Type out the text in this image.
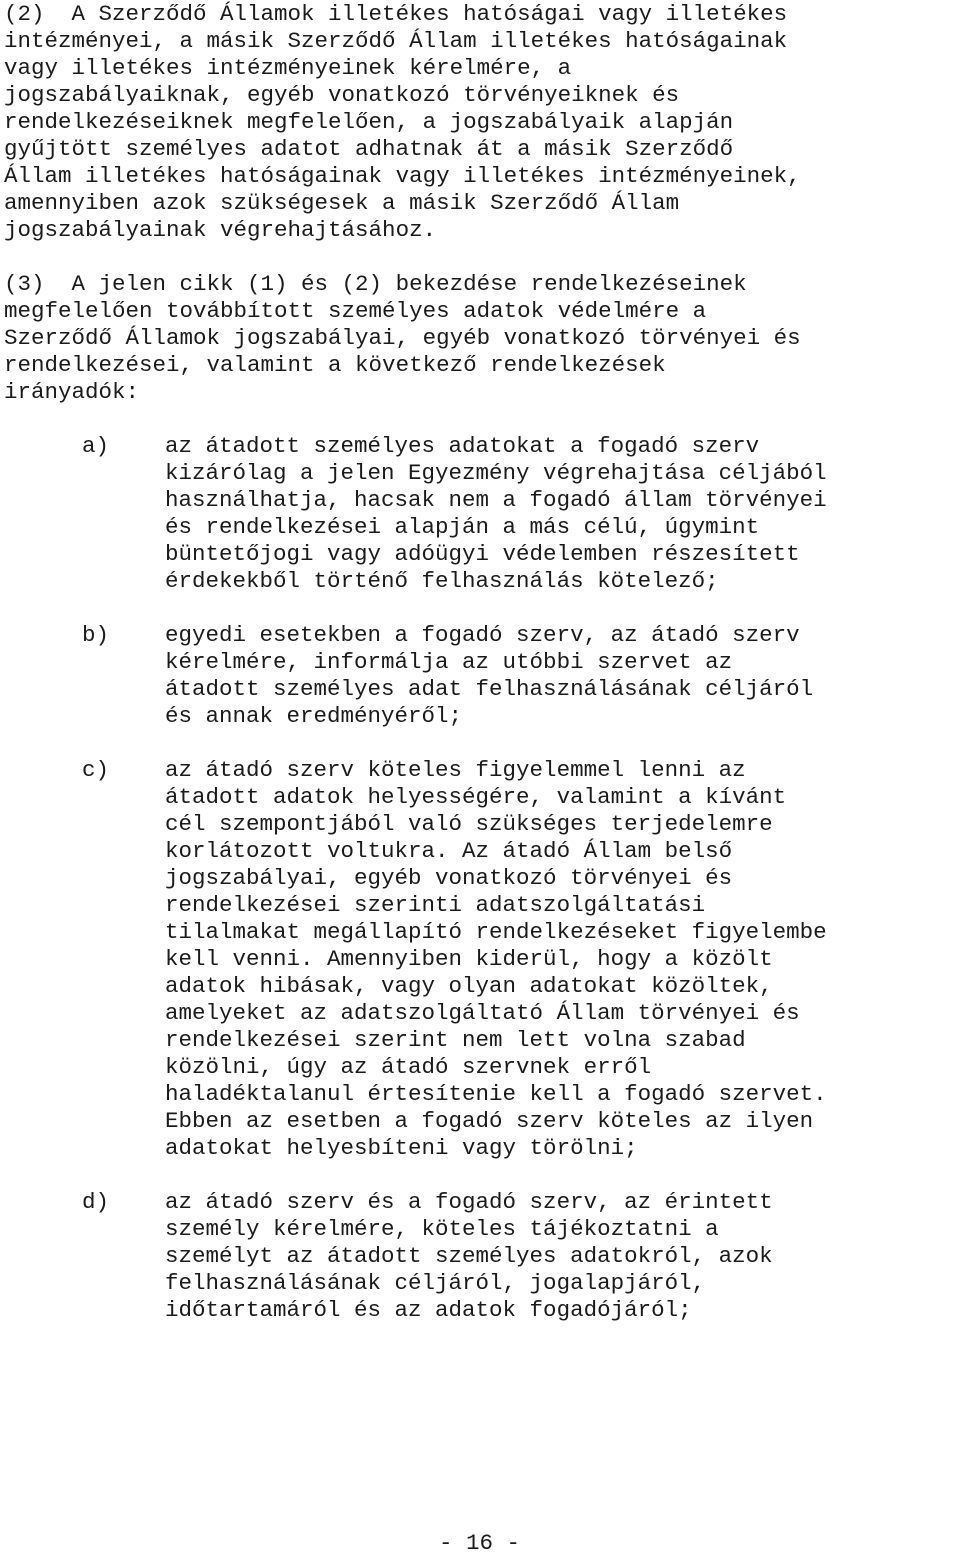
(2)  A Szerződő Államok illetékes hatóságai vagy illetékes
intézményei, a másik Szerződő Állam illetékes hatóságainak
vagy illetékes intézményeinek kérelmére, a
jogszabályaiknak, egyéb vonatkozó törvényeiknek és
rendelkezéseiknek megfelelően, a jogszabályaik alapján
gyűjtött személyes adatot adhatnak át a másik Szerződő
Állam illetékes hatóságainak vagy illetékes intézményeinek,
amennyiben azok szükségesek a másik Szerződő Állam
jogszabályainak végrehajtásához.
(3)  A jelen cikk (1) és (2) bekezdése rendelkezéseinek
megfelelően továbbított személyes adatok védelmére a
Szerződő Államok jogszabályai, egyéb vonatkozó törvényei és
rendelkezései, valamint a következő rendelkezések
irányadók:
a) az átadott személyes adatokat a fogadó szerv
kizárólag a jelen Egyezmény végrehajtása céljából
használhatja, hacsak nem a fogadó állam törvényei
és rendelkezései alapján a más célú, úgymint
büntetőjogi vagy adóügyi védelemben részesített
érdekekből történő felhasználás kötelező;
b) egyedi esetekben a fogadó szerv, az átadó szerv
kérelmére, informálja az utóbbi szervet az
átadott személyes adat felhasználásának céljáról
és annak eredményéről;
c) az átadó szerv köteles figyelemmel lenni az
átadott adatok helyességére, valamint a kívánt
cél szempontjából való szükséges terjedelemre
korlátozott voltukra. Az átadó Állam belső
jogszabályai, egyéb vonatkozó törvényei és
rendelkezései szerinti adatszolgáltatási
tilalmakat megállapító rendelkezéseket figyelembe
kell venni. Amennyiben kiderül, hogy a közölt
adatok hibásak, vagy olyan adatokat közöltek,
amelyeket az adatszolgáltató Állam törvényei és
rendelkezései szerint nem lett volna szabad
közölni, úgy az átadó szervnek erről
haladéktalanul értesítenie kell a fogadó szervet.
Ebben az esetben a fogadó szerv köteles az ilyen
adatokat helyesbíteni vagy törölni;
d) az átadó szerv és a fogadó szerv, az érintett
személy kérelmére, köteles tájékoztatni a
személyt az átadott személyes adatokról, azok
felhasználásának céljáról, jogalapjáról,
időtartamáról és az adatok fogadójáról;
- 16 -
